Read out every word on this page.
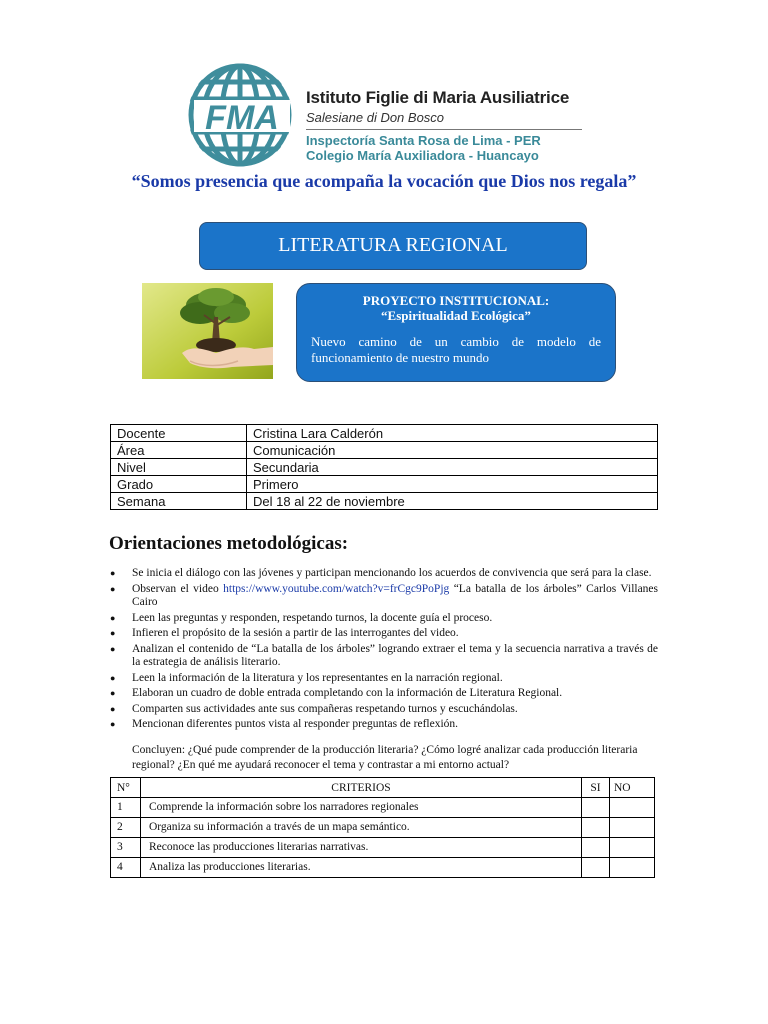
FMA
Istituto Figlie di Maria Ausiliatrice
Salesiane di Don Bosco
Inspectoría Santa Rosa de Lima - PER
Colegio María Auxiliadora - Huancayo
“Somos presencia que acompaña la vocación que Dios nos regala”
LITERATURA REGIONAL
PROYECTO INSTITUCIONAL:
“Espiritualidad Ecológica”
Nuevo camino de un cambio de modelo de funcionamiento de nuestro mundo
Docente	Cristina Lara Calderón
Área	Comunicación
Nivel	Secundaria
Grado	Primero
Semana	Del 18 al 22 de noviembre
Orientaciones metodológicas:
● Se inicia el diálogo con las jóvenes y participan mencionando los acuerdos de convivencia que será para la clase.
● Observan el video https://www.youtube.com/watch?v=frCgc9PoPjg “La batalla de los árboles” Carlos Villanes Cairo
● Leen las preguntas y responden, respetando turnos, la docente guía el proceso.
● Infieren el propósito de la sesión a partir de las interrogantes del video.
● Analizan el contenido de “La batalla de los árboles” logrando extraer el tema y la secuencia narrativa a través de la estrategia de análisis literario.
● Leen la información de la literatura y los representantes en la narración regional.
● Elaboran un cuadro de doble entrada completando con la información de Literatura Regional.
● Comparten sus actividades ante sus compañeras respetando turnos y escuchándolas.
● Mencionan diferentes puntos vista al responder preguntas de reflexión.
Concluyen: ¿Qué pude comprender de la producción literaria? ¿Cómo logré analizar cada producción literaria regional? ¿En qué me ayudará reconocer el tema y contrastar a mi entorno actual?
N°	CRITERIOS	SI	NO
1	Comprende la información sobre los narradores regionales		
2	Organiza su información a través de un mapa semántico.		
3	Reconoce las producciones literarias narrativas.		
4	Analiza las producciones literarias.		
